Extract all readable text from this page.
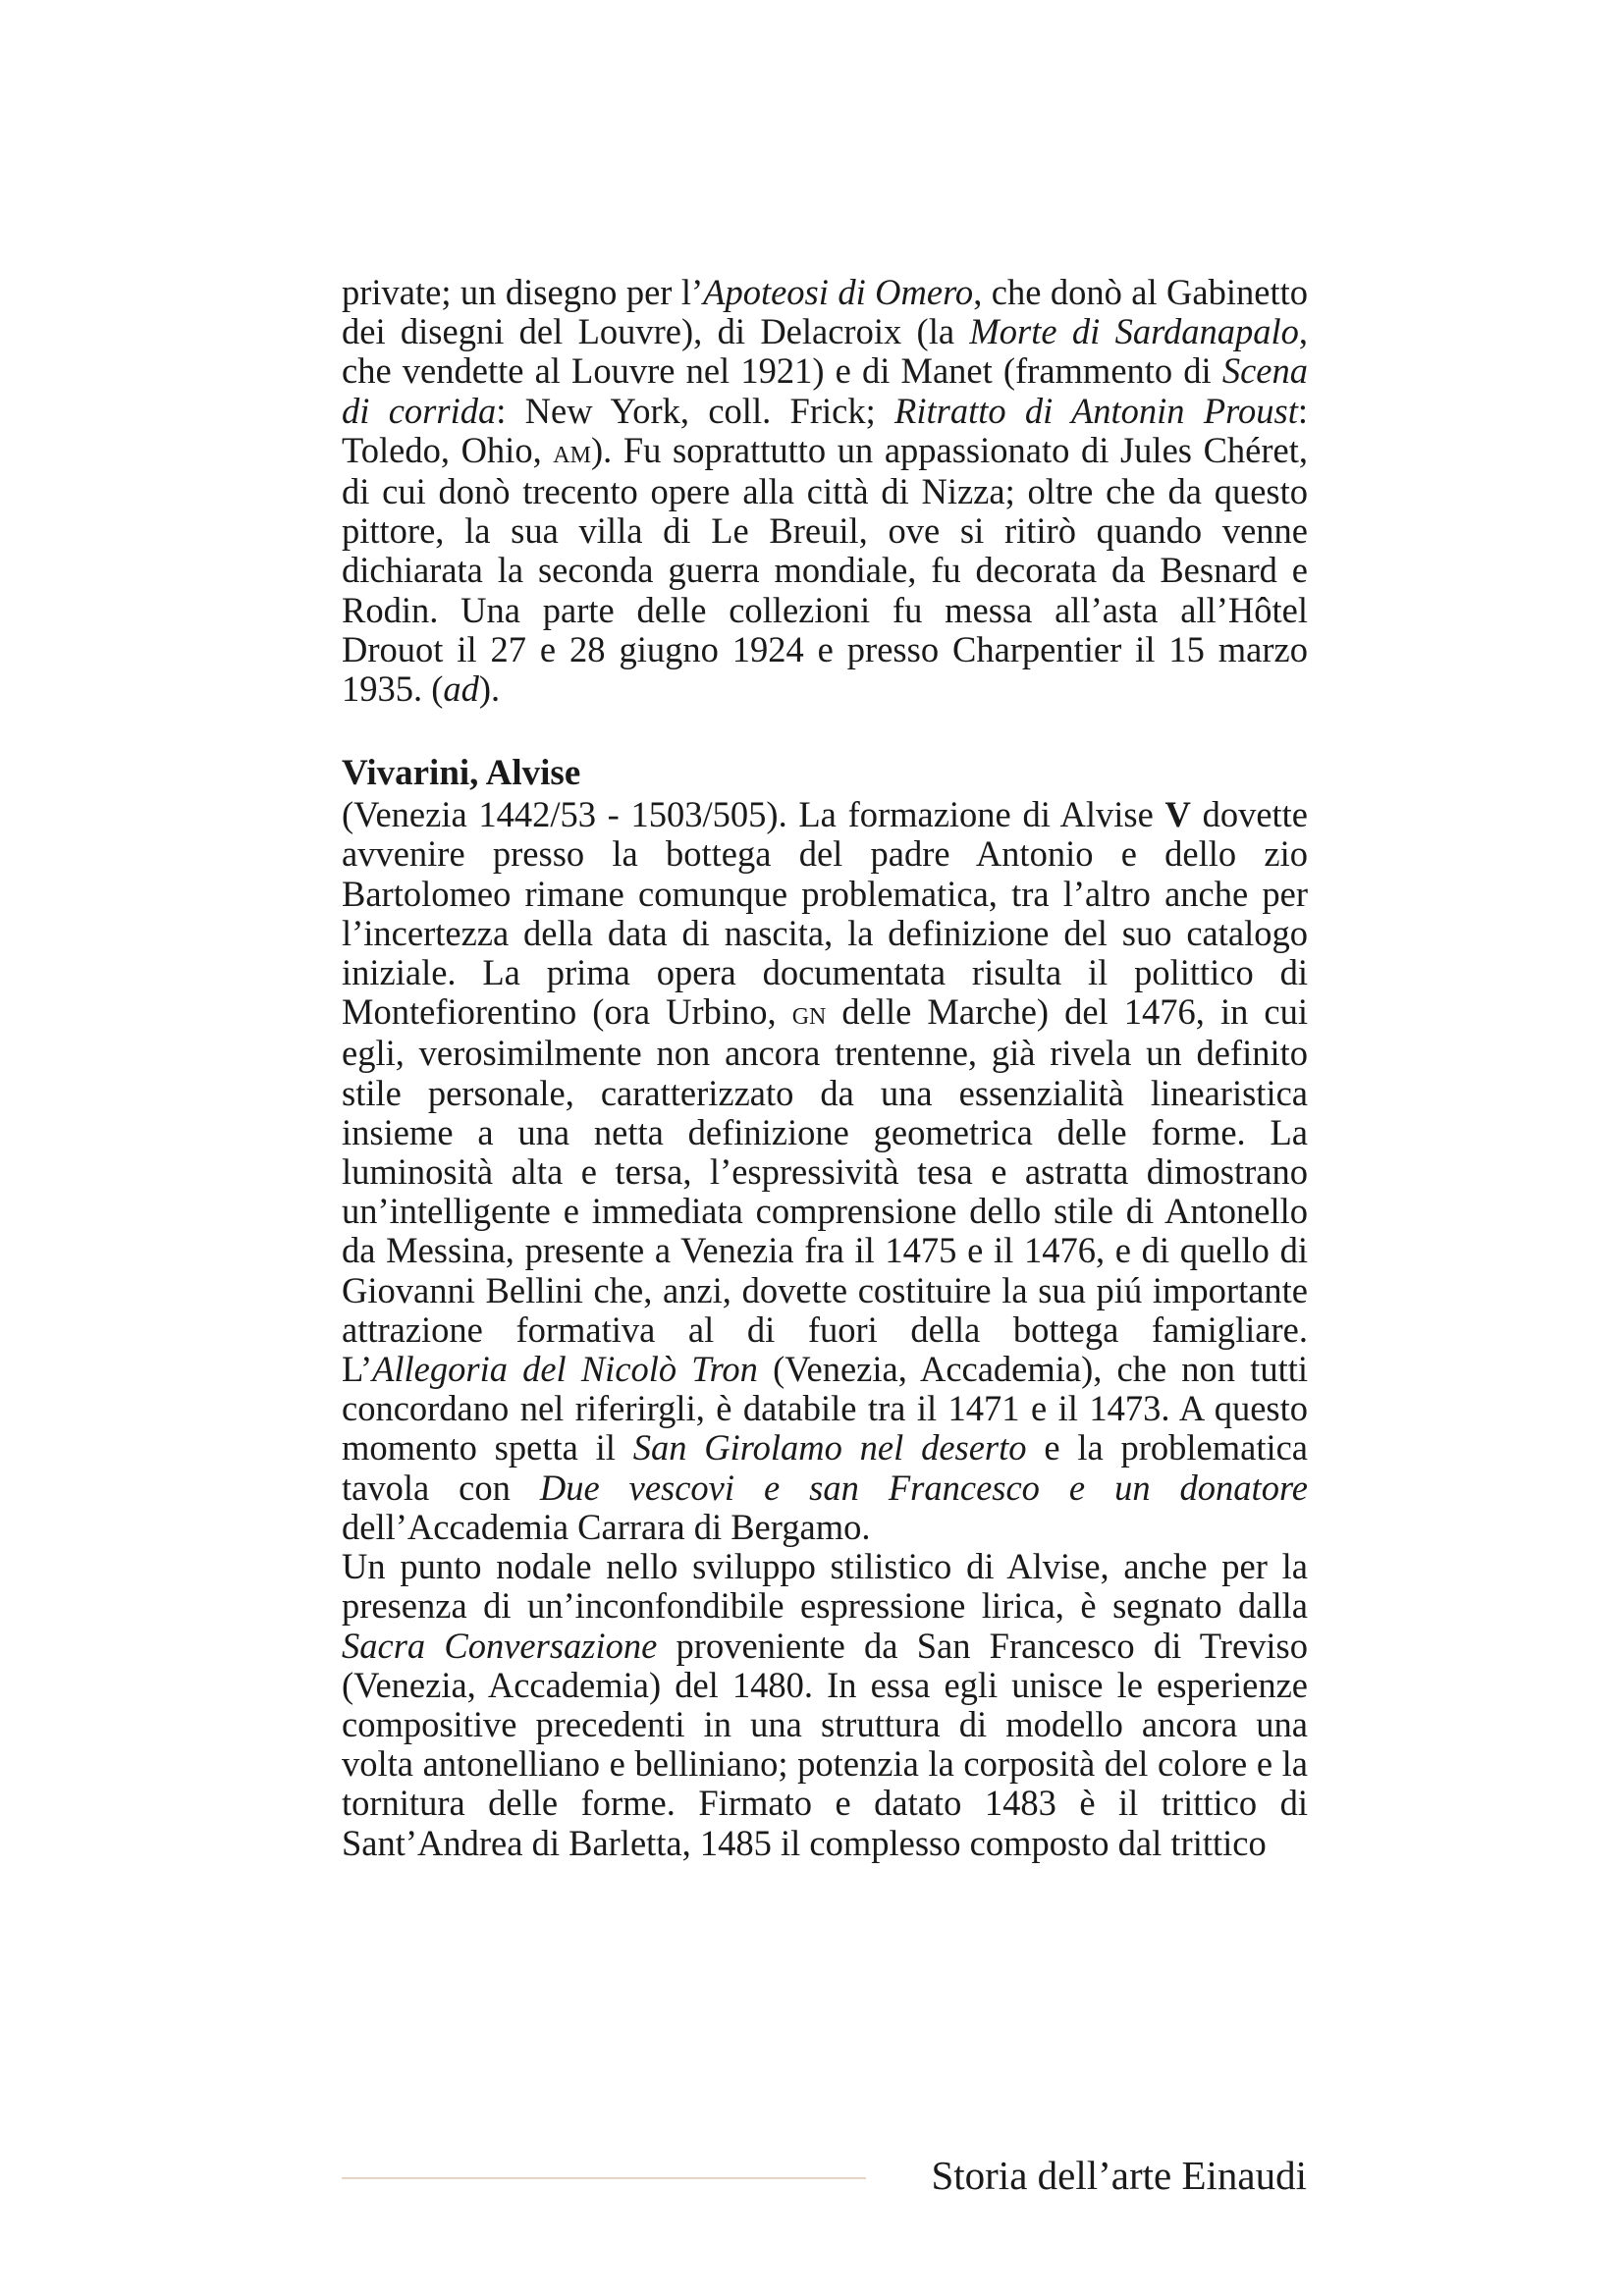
private; un disegno per l’Apoteosi di Omero, che donò al Gabinetto dei disegni del Louvre), di Delacroix (la Morte di Sardanapalo, che vendette al Louvre nel 1921) e di Manet (frammento di Scena di corrida: New York, coll. Frick; Ritratto di Antonin Proust: Toledo, Ohio, am). Fu soprattutto un appassionato di Jules Chéret, di cui donò trecento opere alla città di Nizza; oltre che da questo pittore, la sua villa di Le Breuil, ove si ritirò quando venne dichiarata la seconda guerra mondiale, fu decorata da Besnard e Rodin. Una parte delle collezioni fu messa all’asta all’Hôtel Drouot il 27 e 28 giugno 1924 e presso Charpentier il 15 marzo 1935. (ad).

Vivarini, Alvise

(Venezia 1442/53 - 1503/505). La formazione di Alvise V dovette avvenire presso la bottega del padre Antonio e dello zio Bartolomeo rimane comunque problematica, tra l’altro anche per l’incertezza della data di nascita, la definizione del suo catalogo iniziale. La prima opera documentata risulta il polittico di Montefiorentino (ora Urbino, gn delle Marche) del 1476, in cui egli, verosimilmente non ancora trentenne, già rivela un definito stile personale, caratterizzato da una essenzialità linearistica insieme a una netta definizione geometrica delle forme. La luminosità alta e tersa, l’espressività tesa e astratta dimostrano un’intelligente e immediata comprensione dello stile di Antonello da Messina, presente a Venezia fra il 1475 e il 1476, e di quello di Giovanni Bellini che, anzi, dovette costituire la sua piú importante attrazione formativa al di fuori della bottega famigliare. L’Allegoria del Nicolò Tron (Venezia, Accademia), che non tutti concordano nel riferirgli, è databile tra il 1471 e il 1473. A questo momento spetta il San Girolamo nel deserto e la problematica tavola con Due vescovi e san Francesco e un donatore dell’Accademia Carrara di Bergamo.

Un punto nodale nello sviluppo stilistico di Alvise, anche per la presenza di un’inconfondibile espressione lirica, è segnato dalla Sacra Conversazione proveniente da San Francesco di Treviso (Venezia, Accademia) del 1480. In essa egli unisce le esperienze compositive precedenti in una struttura di modello ancora una volta antonelliano e belliniano; potenzia la corposità del colore e la tornitura delle forme. Firmato e datato 1483 è il trittico di Sant’Andrea di Barletta, 1485 il complesso composto dal trittico

Storia dell’arte Einaudi
